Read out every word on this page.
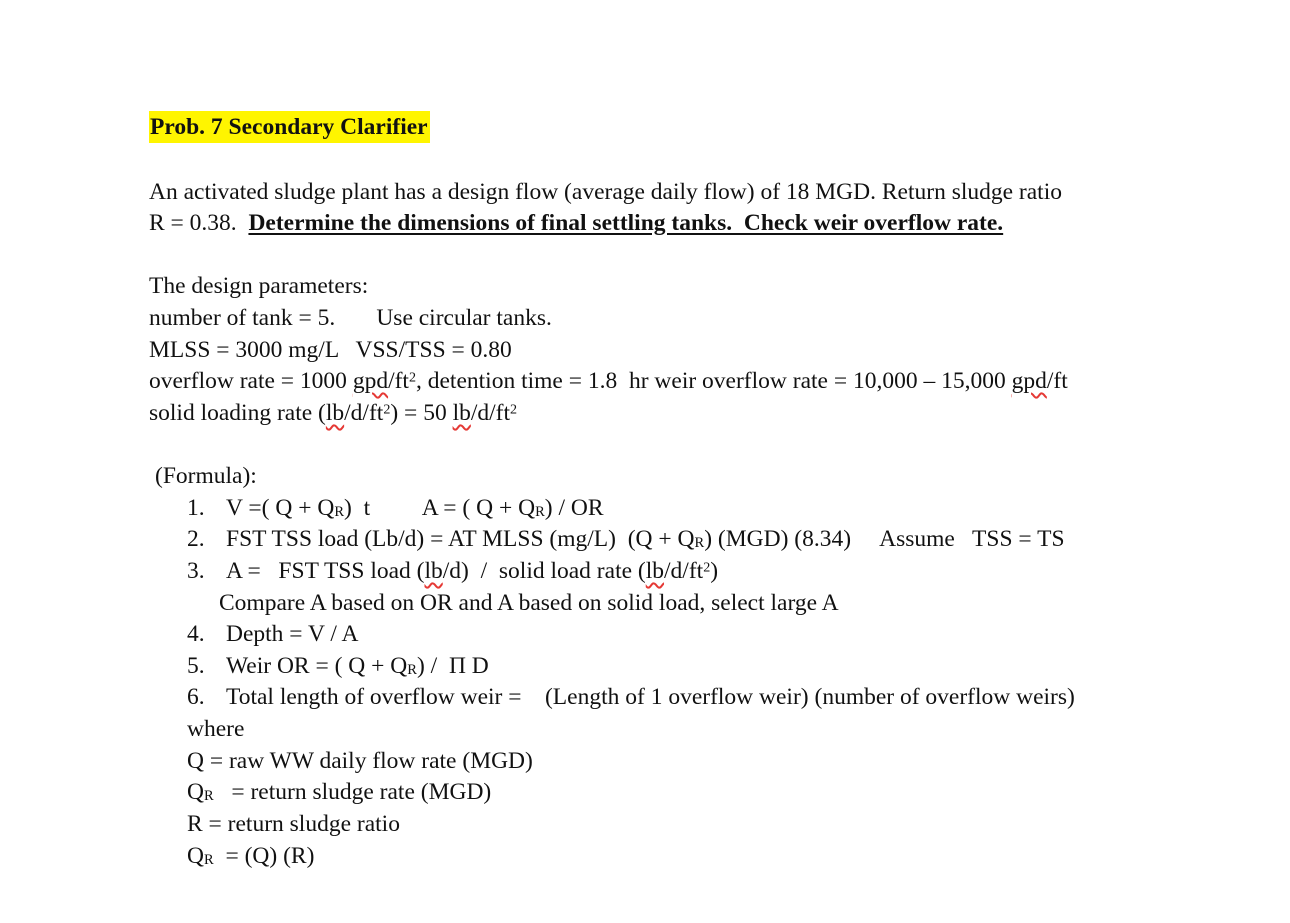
Prob. 7 Secondary Clarifier
An activated sludge plant has a design flow (average daily flow) of 18 MGD. Return sludge ratio
R = 0.38.  Determine the dimensions of final settling tanks.  Check weir overflow rate.
The design parameters:
number of tank = 5.       Use circular tanks.
MLSS = 3000 mg/L   VSS/TSS = 0.80
overflow rate = 1000 gpd/$ft^2$, detention time = 1.8  hr weir overflow rate = 10,000 – 15,000 gpd/ft
solid loading rate $(lb/d/ft^2) = 50$ $lb/d/ft^2$
(Formula):
1. V =( $Q + Q_R$)  t         A = ( $Q + Q_R$) / OR
2. FST TSS load (Lb/d) = AT MLSS (mg/L)  $(Q + Q_R)$ (MGD) (8.34)     Assume   TSS = TS
3. A =   FST TSS load (lb/d)  /  solid load rate $(lb/d/ft^2)$
Compare A based on OR and A based on solid load, select large A
4. Depth = V / A
5. Weir OR = ( $Q + Q_R) / \Pi$ D
6. Total length of overflow weir =    (Length of 1 overflow weir) (number of overflow weirs)
where
Q = raw WW daily flow rate (MGD)
$Q_R$   = return sludge rate (MGD)
R = return sludge ratio
$Q_R = (Q)$ (R)
